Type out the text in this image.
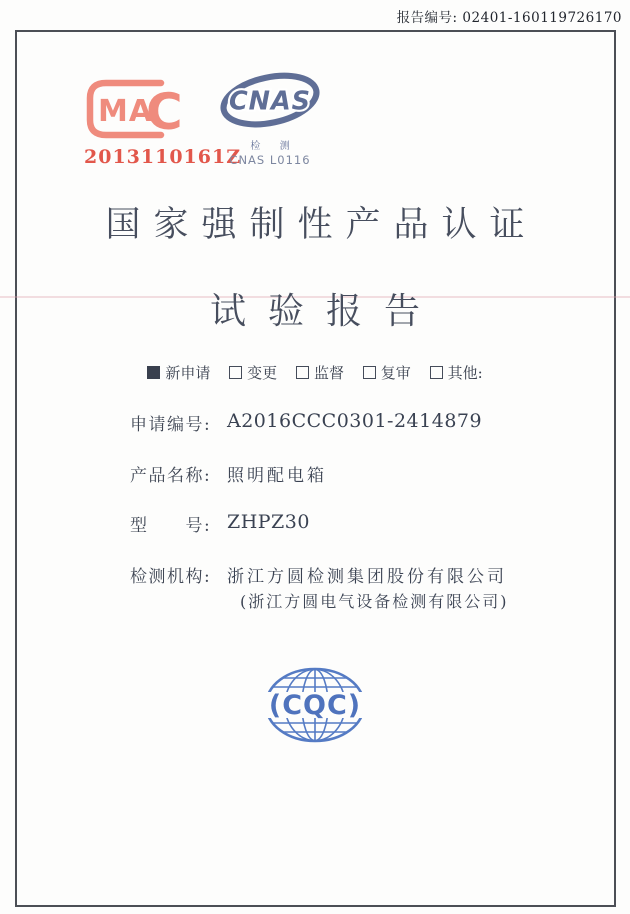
报告编号: 02401-160119726170
MA
C
2013110161Z
CNAS
检 测
CNAS L0116
国家强制性产品认证
试验报告
新申请 变更 监督 复审 其他:
申请编号: A2016CCC0301-2414879
产品名称: 照明配电箱
型　　号: ZHPZ30
检测机构: 浙江方圆检测集团股份有限公司
(浙江方圆电气设备检测有限公司)
(CQC)
